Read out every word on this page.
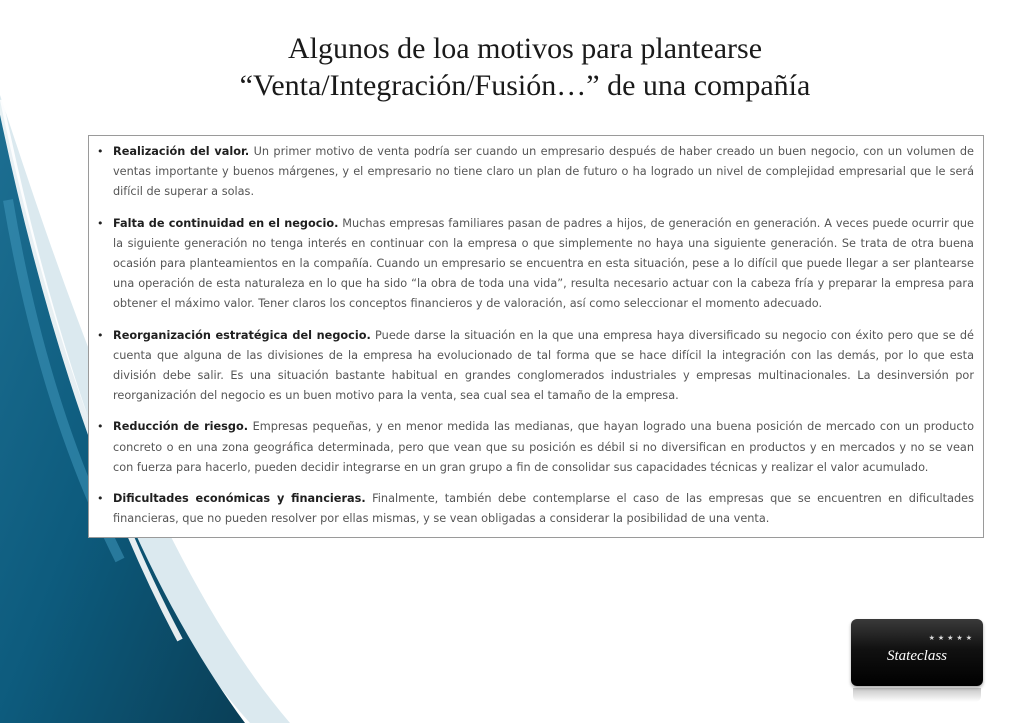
Algunos de loa motivos para plantearse
“Venta/Integración/Fusión…” de una compañía
• Realización del valor. Un primer motivo de venta podría ser cuando un empresario después de haber creado un buen negocio, con un volumen de ventas importante y buenos márgenes, y el empresario no tiene claro un plan de futuro o ha logrado un nivel de complejidad empresarial que le será difícil de superar a solas.
• Falta de continuidad en el negocio. Muchas empresas familiares pasan de padres a hijos, de generación en generación. A veces puede ocurrir que la siguiente generación no tenga interés en continuar con la empresa o que simplemente no haya una siguiente generación. Se trata de otra buena ocasión para planteamientos en la compañía. Cuando un empresario se encuentra en esta situación, pese a lo difícil que puede llegar a ser plantearse una operación de esta naturaleza en lo que ha sido “la obra de toda una vida”, resulta necesario actuar con la cabeza fría y preparar la empresa para obtener el máximo valor. Tener claros los conceptos financieros y de valoración, así como seleccionar el momento adecuado.
• Reorganización estratégica del negocio. Puede darse la situación en la que una empresa haya diversificado su negocio con éxito pero que se dé cuenta que alguna de las divisiones de la empresa ha evolucionado de tal forma que se hace difícil la integración con las demás, por lo que esta división debe salir. Es una situación bastante habitual en grandes conglomerados industriales y empresas multinacionales. La desinversión por reorganización del negocio es un buen motivo para la venta, sea cual sea el tamaño de la empresa.
• Reducción de riesgo. Empresas pequeñas, y en menor medida las medianas, que hayan logrado una buena posición de mercado con un producto concreto o en una zona geográfica determinada, pero que vean que su posición es débil si no diversifican en productos y en mercados y no se vean con fuerza para hacerlo, pueden decidir integrarse en un gran grupo a fin de consolidar sus capacidades técnicas y realizar el valor acumulado.
• Dificultades económicas y financieras. Finalmente, también debe contemplarse el caso de las empresas que se encuentren en dificultades financieras, que no pueden resolver por ellas mismas, y se vean obligadas a considerar la posibilidad de una venta.
★★★★★
Stateclass
